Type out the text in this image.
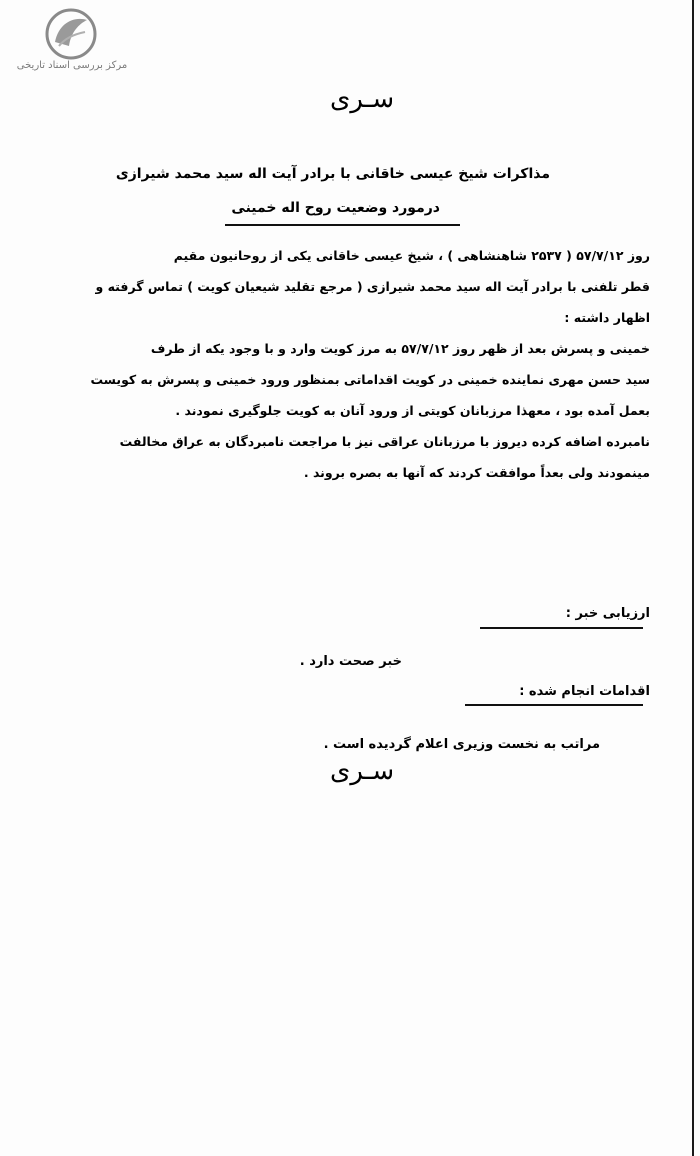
مرکز بررسی اسناد تاریخی
سـری
مذاکرات شیخ عیسی خاقانی با برادر آیت اله سید محمد شیرازی
درمورد وضعیت روح اله خمینی
روز ۵۷/۷/۱۲ ( ۲۵۳۷ شاهنشاهی ) ، شیخ عیسی خاقانی یکی از روحانیون مقیم
قطر تلفنی با برادر آیت اله سید محمد شیرازی ( مرجع تقلید شیعیان کویت ) تماس گرفته و
اظهار داشته :
خمینی و پسرش بعد از ظهر روز ۵۷/۷/۱۲ به مرز کویت وارد و با وجود یکه از طرف
سید حسن مهری نماینده خمینی در کویت اقداماتی بمنظور ورود خمینی و پسرش به کویست
بعمل آمده بود ، معهذا مرزبانان کویتی از ورود آنان به کویت جلوگیری نمودند .
نامبرده اضافه کرده دیروز با مرزبانان عراقی نیز با مراجعت نامبردگان به عراق مخالفت
مینمودند ولی بعداً موافقت کردند که آنها به بصره بروند .
ارزیابی خبر :
خبر صحت دارد .
اقدامات انجام شده :
مراتب به نخست وزیری اعلام گردیده است .
سـری
